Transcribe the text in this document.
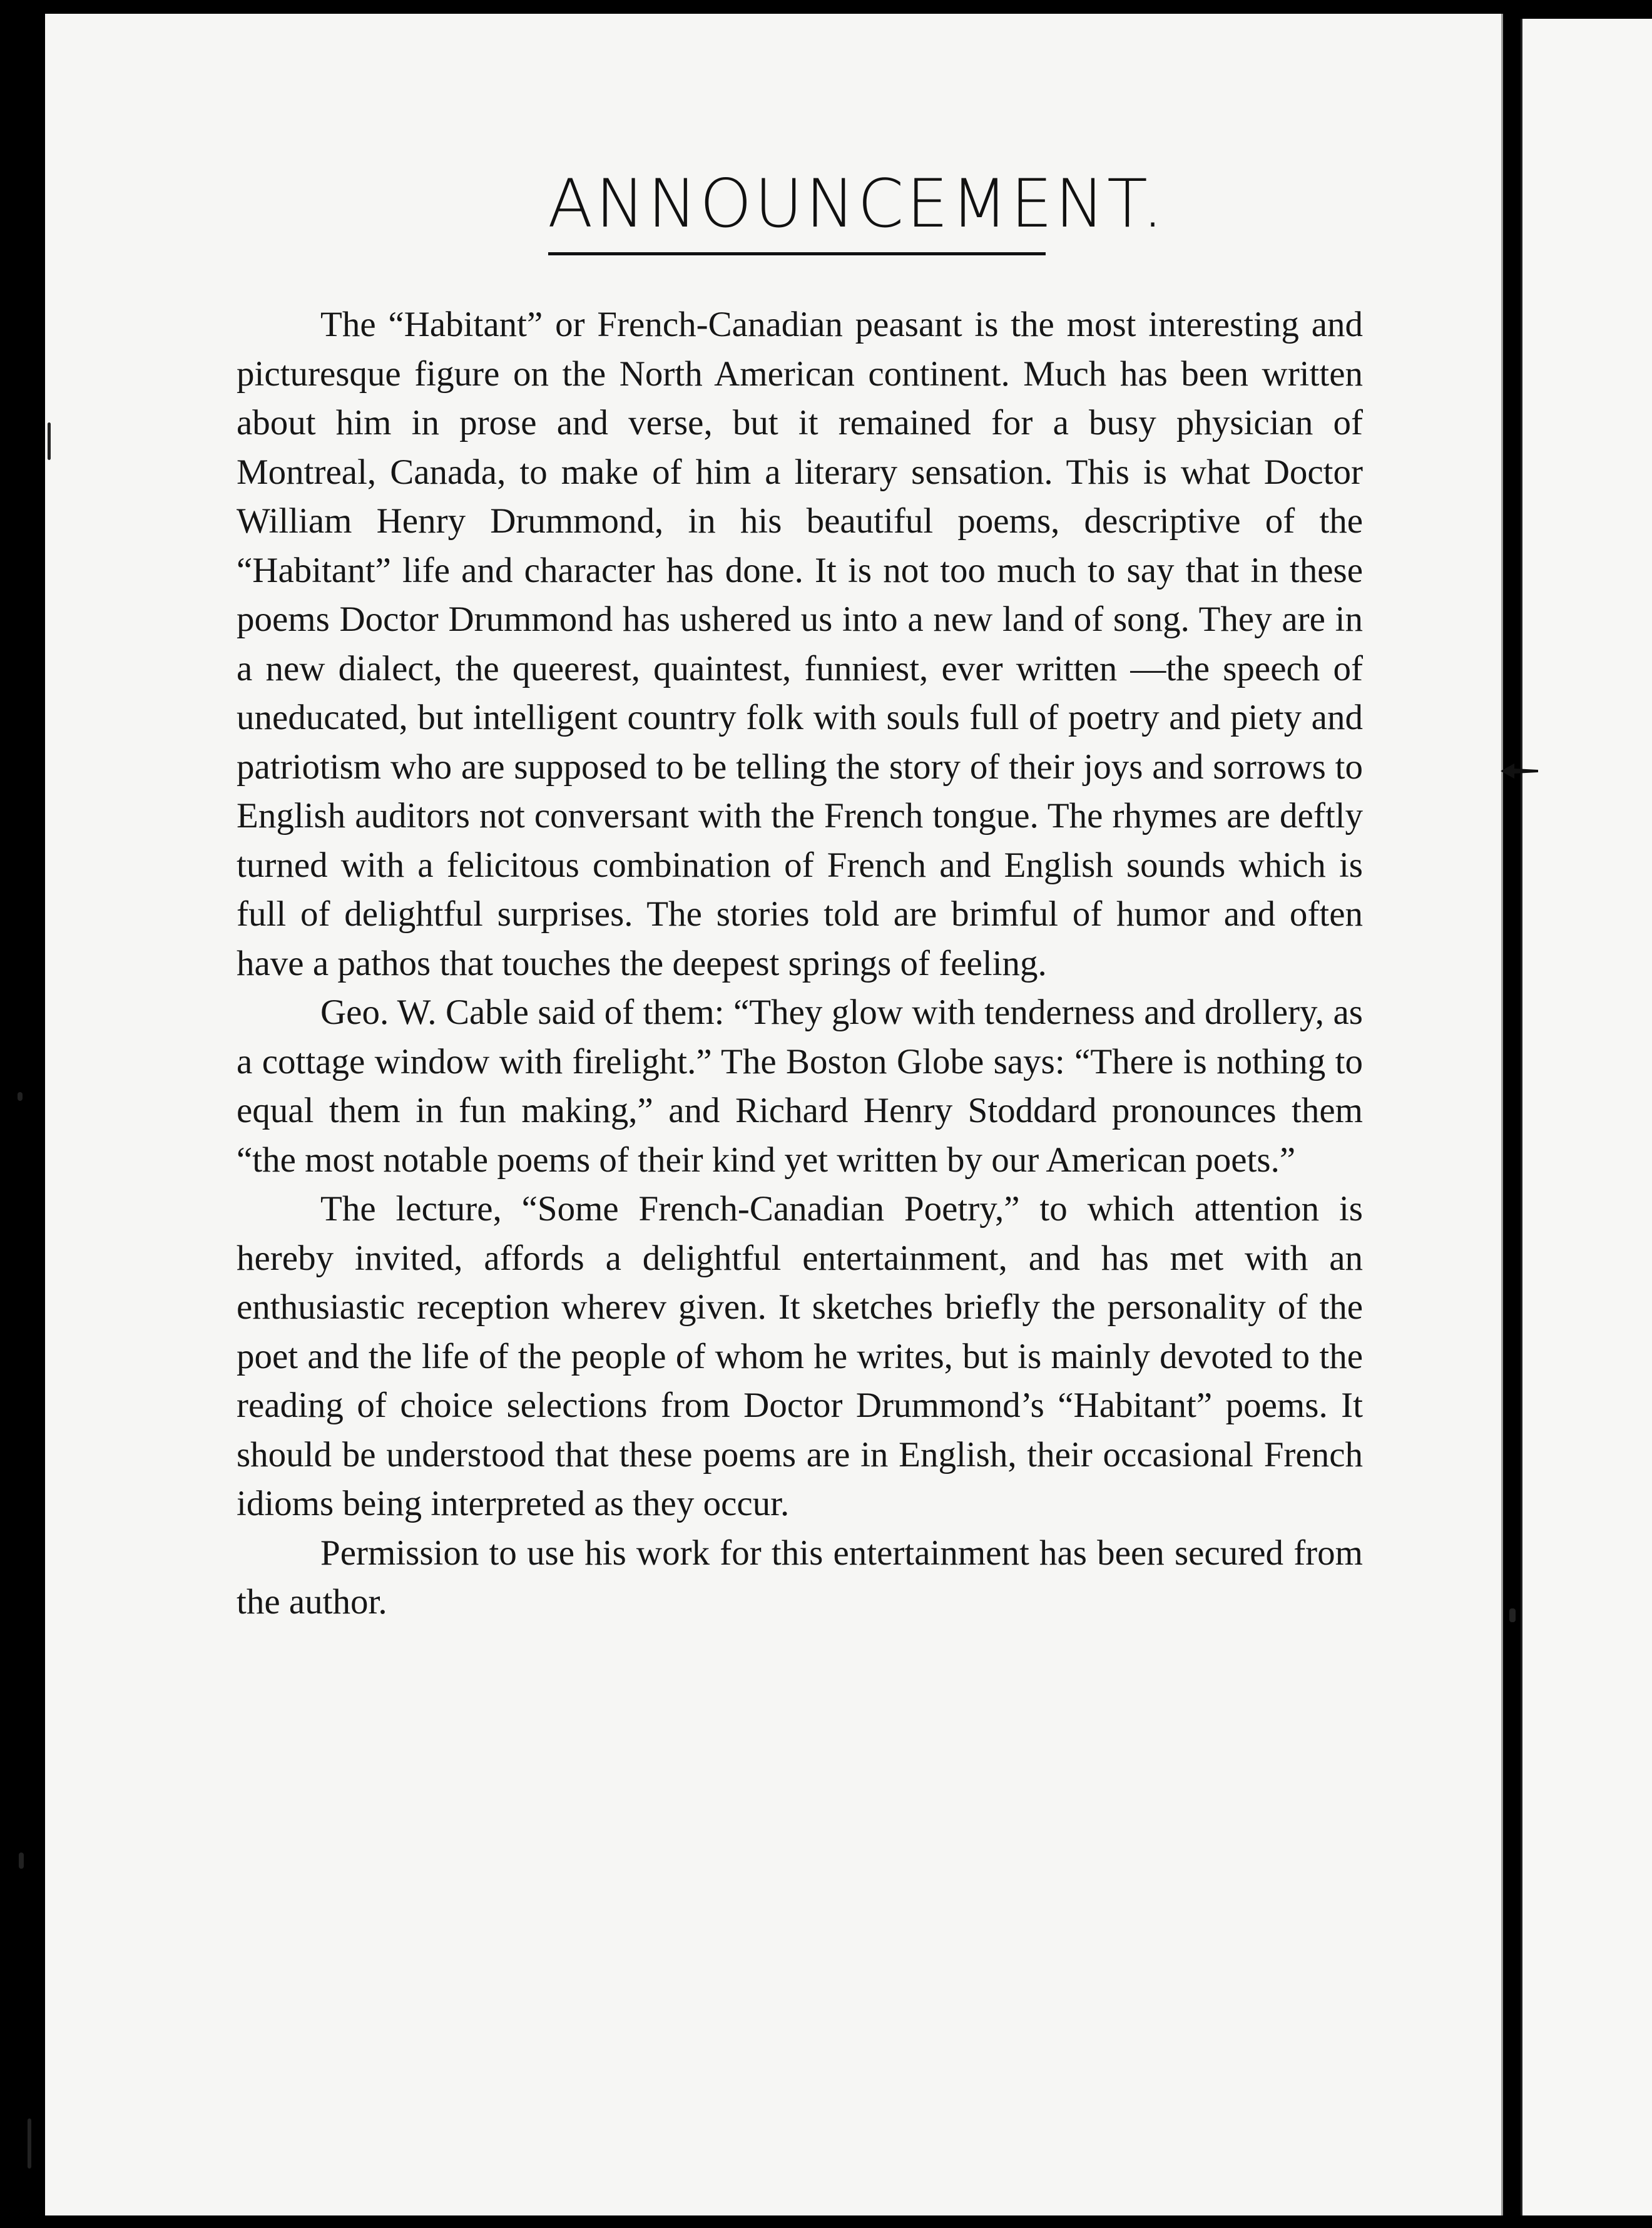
ANNOUNCEMENT.

The “Habitant” or French-Canadian peasant is the most interesting and picturesque figure on the North American continent. Much has been written about him in prose and verse, but it remained for a busy physician of Montreal, Canada, to make of him a literary sensation. This is what Doctor William Henry Drummond, in his beautiful poems, descriptive of the “Habitant” life and character has done. It is not too much to say that in these poems Doctor Drummond has ushered us into a new land of song. They are in a new dialect, the queerest, quaintest, funniest, ever written —the speech of uneducated, but intelligent country folk with souls full of poetry and piety and patriotism who are supposed to be telling the story of their joys and sorrows to English auditors not conversant with the French tongue. The rhymes are deftly turned with a felicitous combination of French and English sounds which is full of delightful surprises. The stories told are brimful of humor and often have a pathos that touches the deepest springs of feeling.

Geo. W. Cable said of them: “They glow with tenderness and drollery, as a cottage window with firelight.” The Boston Globe says: “There is nothing to equal them in fun making,” and Richard Henry Stoddard pronounces them “the most notable poems of their kind yet written by our American poets.”

The lecture, “Some French-Canadian Poetry,” to which attention is hereby invited, affords a delightful entertainment, and has met with an enthusiastic reception wherev given. It sketches briefly the personality of the poet and the life of the people of whom he writes, but is mainly devoted to the reading of choice selections from Doctor Drummond’s “Habitant” poems. It should be understood that these poems are in English, their occasional French idioms being interpreted as they occur.

Permission to use his work for this entertainment has been secured from the author.
